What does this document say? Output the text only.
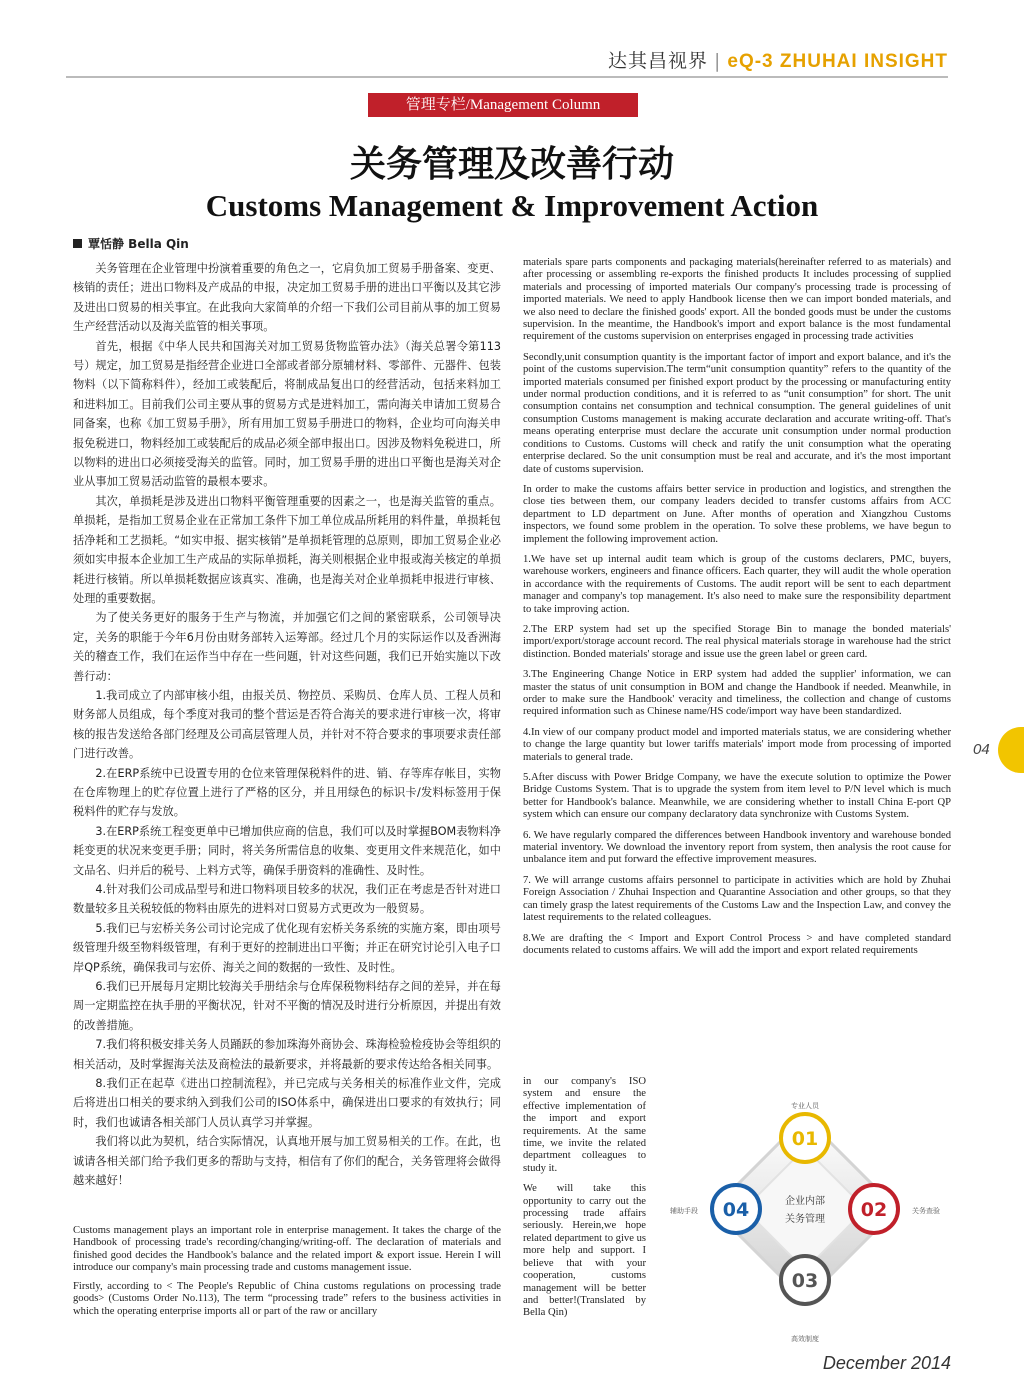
达其昌视界 | eQ-3 ZHUHAI INSIGHT
管理专栏/Management Column
关务管理及改善行动
Customs Management & Improvement Action
覃恬静 Bella Qin

关务管理在企业管理中扮演着重要的角色之一，它肩负加工贸易手册备案、变更、核销的责任；进出口物料及产成品的申报，决定加工贸易手册的进出口平衡以及其它涉及进出口贸易的相关事宜。在此我向大家简单的介绍一下我们公司目前从事的加工贸易生产经营活动以及海关监管的相关事项。

首先，根据《中华人民共和国海关对加工贸易货物监管办法》（海关总署令第113号）规定，加工贸易是指经营企业进口全部或者部分原辅材料、零部件、元器件、包装物料（以下简称料件），经加工或装配后，将制成品复出口的经营活动，包括来料加工和进料加工。目前我们公司主要从事的贸易方式是进料加工，需向海关申请加工贸易合同备案，也称《加工贸易手册》，所有用加工贸易手册进口的物料，企业均可向海关申报免税进口，物料经加工或装配后的成品必须全部申报出口。因涉及物料免税进口，所以物料的进出口必须接受海关的监管。同时，加工贸易手册的进出口平衡也是海关对企业从事加工贸易活动监管的最根本要求。

其次，单损耗是涉及进出口物料平衡管理重要的因素之一，也是海关监管的重点。单损耗，是指加工贸易企业在正常加工条件下加工单位成品所耗用的料件量，单损耗包括净耗和工艺损耗。“如实申报、据实核销”是单损耗管理的总原则，即加工贸易企业必须如实申报本企业加工生产成品的实际单损耗，海关则根据企业申报或海关核定的单损耗进行核销。所以单损耗数据应该真实、准确，也是海关对企业单损耗申报进行审核、处理的重要数据。

为了使关务更好的服务于生产与物流，并加强它们之间的紧密联系，公司领导决定，关务的职能于今年6月份由财务部转入运筹部。经过几个月的实际运作以及香洲海关的稽查工作，我们在运作当中存在一些问题，针对这些问题，我们已开始实施以下改善行动：

1.我司成立了内部审核小组，由报关员、物控员、采购员、仓库人员、工程人员和财务部人员组成，每个季度对我司的整个营运是否符合海关的要求进行审核一次，将审核的报告发送给各部门经理及公司高层管理人员，并针对不符合要求的事项要求责任部门进行改善。

2.在ERP系统中已设置专用的仓位来管理保税料件的进、销、存等库存帐目，实物在仓库物理上的贮存位置上进行了严格的区分，并且用绿色的标识卡/发料标签用于保税料件的贮存与发放。

3.在ERP系统工程变更单中已增加供应商的信息，我们可以及时掌握BOM表物料净耗变更的状况来变更手册；同时，将关务所需信息的收集、变更用文件来规范化，如中文品名、归并后的税号、上料方式等，确保手册资料的准确性、及时性。

4.针对我们公司成品型号和进口物料项目较多的状况，我们正在考虑是否针对进口数量较多且关税较低的物料由原先的进料对口贸易方式更改为一般贸易。

5.我们已与宏桥关务公司讨论完成了优化现有宏桥关务系统的实施方案，即由项号级管理升级至物料级管理，有利于更好的控制进出口平衡；并正在研究讨论引入电子口岸QP系统，确保我司与宏侨、海关之间的数据的一致性、及时性。

6.我们已开展每月定期比较海关手册结余与仓库保税物料结存之间的差异，并在每周一定期监控在执手册的平衡状况，针对不平衡的情况及时进行分析原因，并提出有效的改善措施。

7.我们将积极安排关务人员踊跃的参加珠海外商协会、珠海检验检疫协会等组织的相关活动，及时掌握海关法及商检法的最新要求，并将最新的要求传达给各相关同事。

8.我们正在起草《进出口控制流程》，并已完成与关务相关的标准作业文件，完成后将进出口相关的要求纳入到我们公司的ISO体系中，确保进出口要求的有效执行；同时，我们也诚请各相关部门人员认真学习并掌握。

我们将以此为契机，结合实际情况，认真地开展与加工贸易相关的工作。在此，也诚请各相关部门给予我们更多的帮助与支持，相信有了你们的配合，关务管理将会做得越来越好！

Customs management plays an important role in enterprise management. It takes the charge of the Handbook of processing trade's recording/changing/writing-off. The declaration of materials and finished good decides the Handbook's balance and the related import & export issue. Herein I will introduce our company's main processing trade and customs management issue.

Firstly, according to < The People's Republic of China customs regulations on processing trade goods> (Customs Order No.113), The term “processing trade” refers to the business activities in which the operating enterprise imports all or part of the raw or ancillary

materials spare parts components and packaging materials(hereinafter referred to as materials) and after processing or assembling re-exports the finished products It includes processing of supplied materials and processing of imported materials Our company's processing trade is processing of imported materials. We need to apply Handbook license then we can import bonded materials, and we also need to declare the finished goods' export. All the bonded goods must be under the customs supervision. In the meantime, the Handbook's import and export balance is the most fundamental requirement of the customs supervision on enterprises engaged in processing trade activities

Secondly,unit consumption quantity is the important factor of import and export balance, and it's the point of the customs supervision.The term“unit consumption quantity” refers to the quantity of the imported materials consumed per finished export product by the processing or manufacturing entity under normal production conditions, and it is referred to as “unit consumption” for short. The unit consumption contains net consumption and technical consumption. The general guidelines of unit consumption Customs management is making accurate declaration and accurate writing-off. That's means operating enterprise must declare the accurate unit consumption under normal production conditions to Customs. Customs will check and ratify the unit consumption what the operating enterprise declared. So the unit consumption must be real and accurate, and it's the most important date of customs supervision.

In order to make the customs affairs better service in production and logistics, and strengthen the close ties between them, our company leaders decided to transfer customs affairs from ACC department to LD department on June. After months of operation and Xiangzhou Customs inspectors, we found some problem in the operation. To solve these problems, we have begun to implement the following improvement action.

1.We have set up internal audit team which is group of the customs declarers, PMC, buyers, warehouse workers, engineers and finance officers. Each quarter, they will audit the whole operation in accordance with the requirements of Customs. The audit report will be sent to each department manager and company's top management. It's also need to make sure the responsibility department to take improving action.

2.The ERP system had set up the specified Storage Bin to manage the bonded materials' import/export/storage account record. The real physical materials storage in warehouse had the strict distinction. Bonded materials' storage and issue use the green label or green card.

3.The Engineering Change Notice in ERP system had added the supplier' information, we can master the status of unit consumption in BOM and change the Handbook if needed. Meanwhile, in order to make sure the Handbook' veracity and timeliness, the collection and change of customs required information such as Chinese name/HS code/import way have been standardized.

4.In view of our company product model and imported materials status, we are considering whether to change the large quantity but lower tariffs materials' import mode from processing of imported materials to general trade.

5.After discuss with Power Bridge Company, we have the execute solution to optimize the Power Bridge Customs System. That is to upgrade the system from item level to P/N level which is much better for Handbook's balance. Meanwhile, we are considering whether to install China E-port QP system which can ensure our company declaratory data synchronize with Customs System.

6. We have regularly compared the differences between Handbook inventory and warehouse bonded material inventory. We download the inventory report from system, then analysis the root cause for unbalance item and put forward the effective improvement measures.

7. We will arrange customs affairs personnel to participate in activities which are hold by Zhuhai Foreign Association / Zhuhai Inspection and Quarantine Association and other groups, so that they can timely grasp the latest requirements of the Customs Law and the Inspection Law, and convey the latest requirements to the related colleagues.

8.We are drafting the < Import and Export Control Process > and have completed standard documents related to customs affairs. We will add the import and export related requirements

in our company's ISO system and ensure the effective implementation of the import and export requirements. At the same time, we invite the related department colleagues to study it.

We will take this opportunity to carry out the processing trade affairs seriously. Herein,we hope related department to give us more help and support. I believe that with your cooperation, customs management will be better and better!(Translated by Bella Qin)

01
专业人员
02	关务查验
03
高效制度
04
辅助手段
企业内部
关务管理
04
December 2014
